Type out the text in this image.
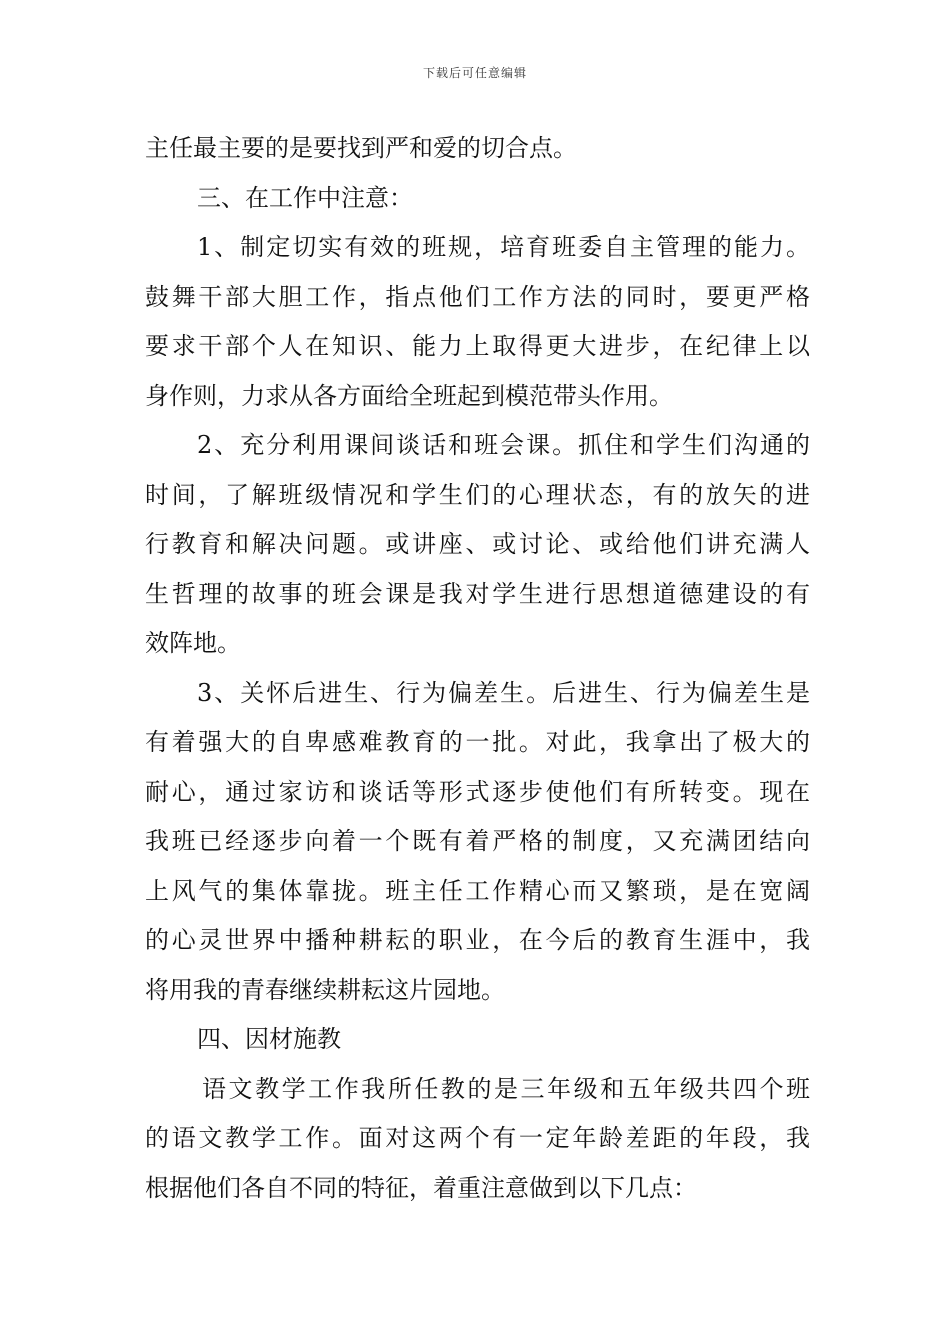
下载后可任意编辑
主任最主要的是要找到严和爱的切合点。
三、在工作中注意：
1、制定切实有效的班规，培育班委自主管理的能力。
鼓舞干部大胆工作，指点他们工作方法的同时，要更严格
要求干部个人在知识、能力上取得更大进步，在纪律上以
身作则，力求从各方面给全班起到模范带头作用。
2、充分利用课间谈话和班会课。抓住和学生们沟通的
时间，了解班级情况和学生们的心理状态，有的放矢的进
行教育和解决问题。或讲座、或讨论、或给他们讲充满人
生哲理的故事的班会课是我对学生进行思想道德建设的有
效阵地。
3、关怀后进生、行为偏差生。后进生、行为偏差生是
有着强大的自卑感难教育的一批。对此，我拿出了极大的
耐心，通过家访和谈话等形式逐步使他们有所转变。现在
我班已经逐步向着一个既有着严格的制度，又充满团结向
上风气的集体靠拢。班主任工作精心而又繁琐，是在宽阔
的心灵世界中播种耕耘的职业，在今后的教育生涯中，我
将用我的青春继续耕耘这片园地。
四、因材施教
语文教学工作我所任教的是三年级和五年级共四个班
的语文教学工作。面对这两个有一定年龄差距的年段，我
根据他们各自不同的特征，着重注意做到以下几点：
